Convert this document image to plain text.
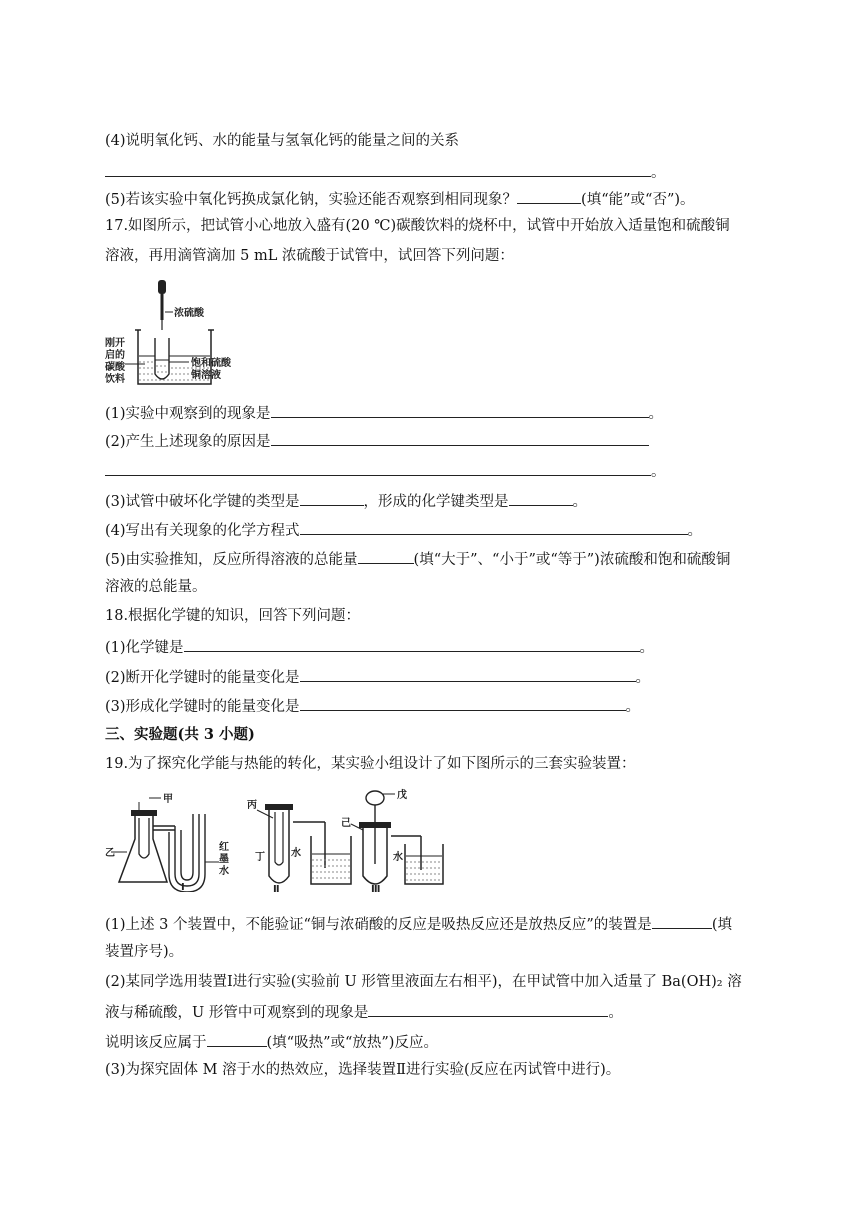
(4)说明氧化钙、水的能量与氢氧化钙的能量之间的关系
。
(5)若该实验中氧化钙换成氯化钠，实验还能否观察到相同现象？	(填“能”或“否”)。
17.如图所示，把试管小心地放入盛有(20 ℃)碳酸饮料的烧杯中，试管中开始放入适量饱和硫酸铜
溶液，再用滴管滴加 5 mL 浓硫酸于试管中，试回答下列问题：
浓硫酸
刚开
启的
碳酸
饮料
饱和硫酸
铜溶液
(1)实验中观察到的现象是	。
(2)产生上述现象的原因是
。
(3)试管中破坏化学键的类型是	，形成的化学键类型是	。
(4)写出有关现象的化学方程式	。
(5)由实验推知，反应所得溶液的总能量	(填“大于”、“小于”或“等于”)浓硫酸和饱和硫酸铜
溶液的总能量。
18.根据化学键的知识，回答下列问题：
(1)化学键是	。
(2)断开化学键时的能量变化是	。
(3)形成化学键时的能量变化是	。
三、实验题(共 3 小题)
19.为了探究化学能与热能的转化，某实验小组设计了如下图所示的三套实验装置：
甲
乙
红
墨
水
Ⅰ
丙
丁	水
Ⅱ
戊
己
水
Ⅲ
(1)上述 3 个装置中，不能验证“铜与浓硝酸的反应是吸热反应还是放热反应”的装置是	(填
装置序号)。
(2)某同学选用装置Ⅰ进行实验(实验前 U 形管里液面左右相平)，在甲试管中加入适量了 Ba(OH)₂ 溶
液与稀硫酸，U 形管中可观察到的现象是	。
说明该反应属于	(填“吸热”或“放热”)反应。
(3)为探究固体 M 溶于水的热效应，选择装置Ⅱ进行实验(反应在丙试管中进行)。
